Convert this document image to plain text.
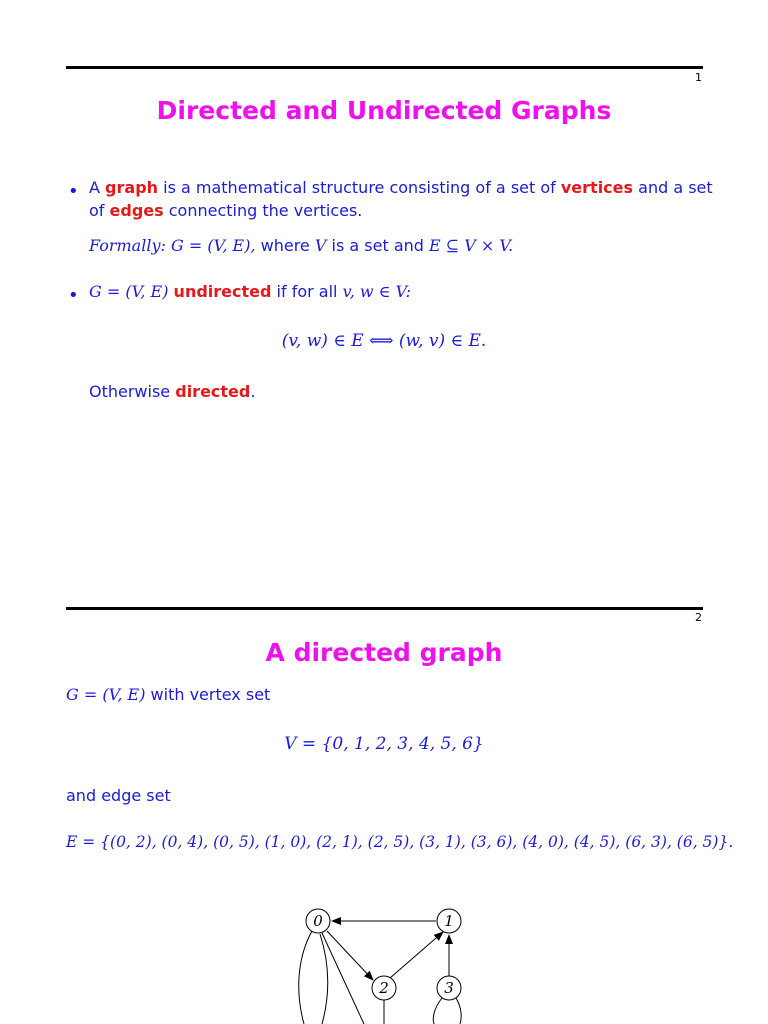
1
Directed and Undirected Graphs
• A graph is a mathematical structure consisting of a set of vertices and a set
of edges connecting the vertices.
Formally: G = (V, E), where V is a set and E ⊆ V × V.
• G = (V, E) undirected if for all v, w ∈ V:
(v, w) ∈ E ⟺ (w, v) ∈ E.
Otherwise directed.
2
A directed graph
G = (V, E) with vertex set
V = {0, 1, 2, 3, 4, 5, 6}
and edge set
E = {(0, 2), (0, 4), (0, 5), (1, 0), (2, 1), (2, 5), (3, 1), (3, 6), (4, 0), (4, 5), (6, 3), (6, 5)}.
0	1
2	3
